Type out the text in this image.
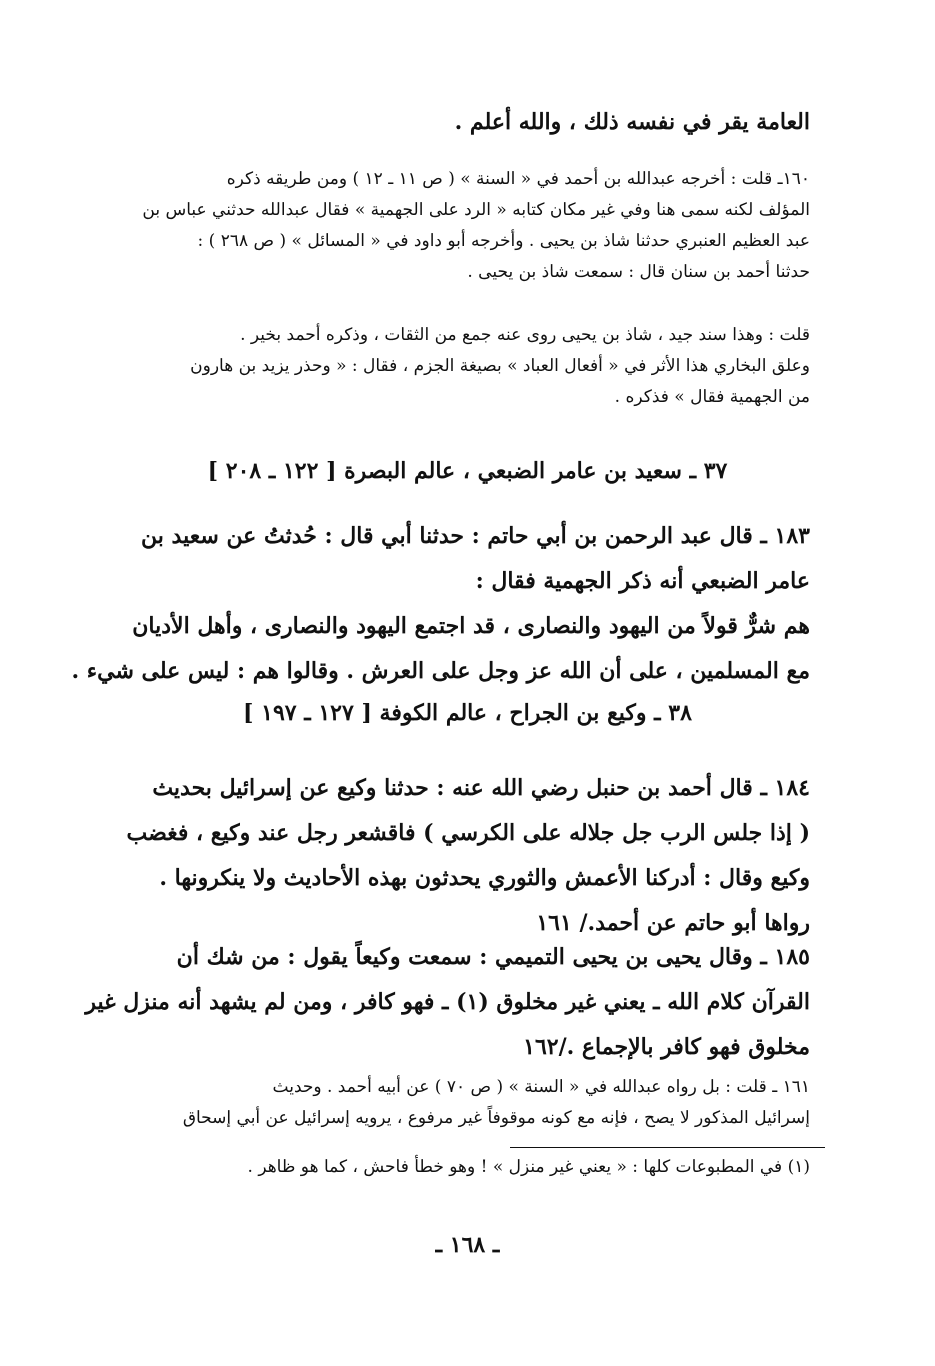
العامة يقر في نفسه ذلك ، والله أعلم .
١٦٠ـ قلت : أخرجه عبدالله بن أحمد في « السنة » ( ص ١١ ـ ١٢ ) ومن طريقه ذكره
المؤلف لكنه سمى هنا وفي غير مكان كتابه « الرد على الجهمية » فقال عبدالله حدثني عباس بن
عبد العظيم العنبري حدثنا شاذ بن يحيى . وأخرجه أبو داود في « المسائل » ( ص ٢٦٨ ) :
حدثنا أحمد بن سنان قال : سمعت شاذ بن يحيى .
قلت : وهذا سند جيد ، شاذ بن يحيى روى عنه جمع من الثقات ، وذكره أحمد بخير .
وعلق البخاري هذا الأثر في « أفعال العباد » بصيغة الجزم ، فقال : « وحذر يزيد بن هارون
من الجهمية فقال » فذكره .
٣٧ ـ سعيد بن عامر الضبعي ، عالم البصرة [ ١٢٢ ـ ٢٠٨ ]
١٨٣ ـ قال عبد الرحمن بن أبي حاتم : حدثنا أبي قال : حُدثتُ عن سعيد بن
عامر الضبعي أنه ذكر الجهمية فقال :
هم شرٌّ قولاً من اليهود والنصارى ، قد اجتمع اليهود والنصارى ، وأهل الأديان
مع المسلمين ، على أن الله عز وجل على العرش . وقالوا هم : ليس على شيء .
٣٨ ـ وكيع بن الجراح ، عالم الكوفة [ ١٢٧ ـ ١٩٧ ]
١٨٤ ـ قال أحمد بن حنبل رضي الله عنه : حدثنا وكيع عن إسرائيل بحديث
( إذا جلس الرب جل جلاله على الكرسي ) فاقشعر رجل عند وكيع ، فغضب
وكيع وقال : أدركنا الأعمش والثوري يحدثون بهذه الأحاديث ولا ينكرونها .
رواها أبو حاتم عن أحمد./ ١٦١
١٨٥ ـ وقال يحيى بن يحيى التميمي : سمعت وكيعاً يقول : من شك أن
القرآن كلام الله ـ يعني غير مخلوق (١) ـ فهو كافر ، ومن لم يشهد أنه منزل غير
مخلوق فهو كافر بالإجماع ./١٦٢
١٦١ ـ قلت : بل رواه عبدالله في « السنة » ( ص ٧٠ ) عن أبيه أحمد . وحديث
إسرائيل المذكور لا يصح ، فإنه مع كونه موقوفاً غير مرفوع ، يرويه إسرائيل عن أبي إسحاق
(١) في المطبوعات كلها : « يعني غير منزل » ! وهو خطأ فاحش ، كما هو ظاهر .
ـ ١٦٨ ـ
